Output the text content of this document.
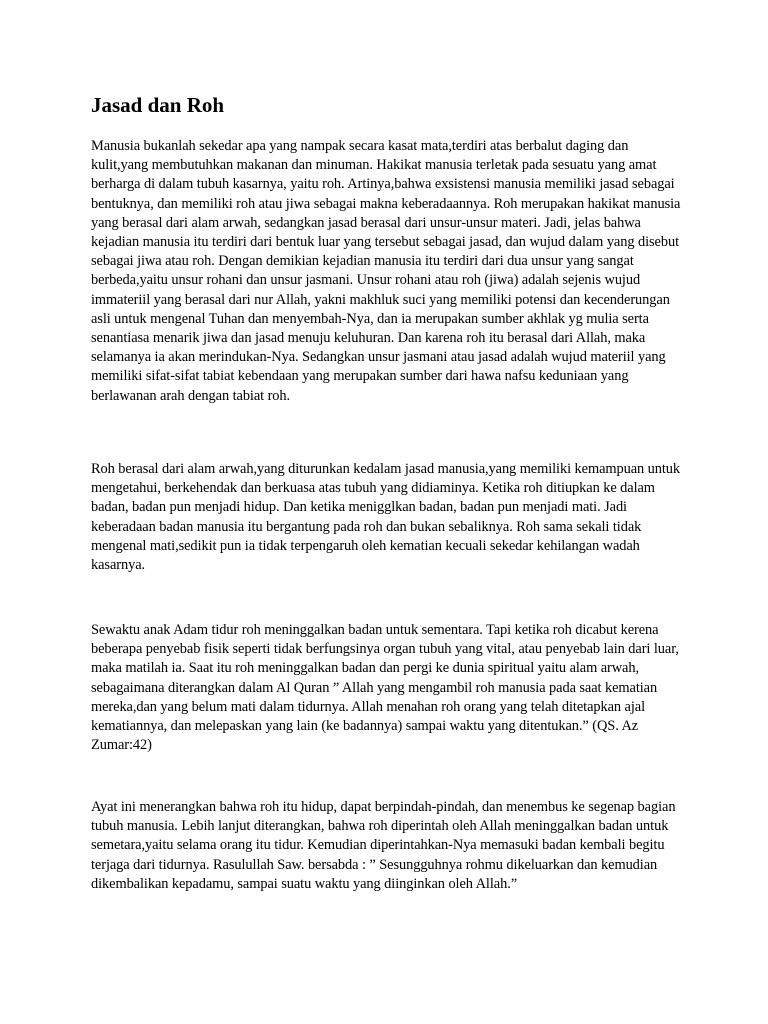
Jasad dan Roh

Manusia bukanlah sekedar apa yang nampak secara kasat mata,terdiri atas berbalut daging dan kulit,yang membutuhkan makanan dan minuman. Hakikat manusia terletak pada sesuatu yang amat berharga di dalam tubuh kasarnya, yaitu roh. Artinya,bahwa exsistensi manusia memiliki jasad sebagai bentuknya, dan memiliki roh atau jiwa sebagai makna keberadaannya. Roh merupakan hakikat manusia yang berasal dari alam arwah, sedangkan jasad berasal dari unsur-unsur materi. Jadi, jelas bahwa kejadian manusia itu terdiri dari bentuk luar yang tersebut sebagai jasad, dan wujud dalam yang disebut sebagai jiwa atau roh. Dengan demikian kejadian manusia itu terdiri dari dua unsur yang sangat berbeda,yaitu unsur rohani dan unsur jasmani. Unsur rohani atau roh (jiwa) adalah sejenis wujud immateriil yang berasal dari nur Allah, yakni makhluk suci yang memiliki potensi dan kecenderungan asli untuk mengenal Tuhan dan menyembah-Nya, dan ia merupakan sumber akhlak yg mulia serta senantiasa menarik jiwa dan jasad menuju keluhuran. Dan karena roh itu berasal dari Allah, maka selamanya ia akan merindukan-Nya. Sedangkan unsur jasmani atau jasad adalah wujud materiil yang memiliki sifat-sifat tabiat kebendaan yang merupakan sumber dari hawa nafsu keduniaan yang berlawanan arah dengan tabiat roh.

Roh berasal dari alam arwah,yang diturunkan kedalam jasad manusia,yang memiliki kemampuan untuk mengetahui, berkehendak dan berkuasa atas tubuh yang didiaminya. Ketika roh ditiupkan ke dalam badan, badan pun menjadi hidup. Dan ketika menigglkan badan, badan pun menjadi mati. Jadi keberadaan badan manusia itu bergantung pada roh dan bukan sebaliknya. Roh sama sekali tidak mengenal mati,sedikit pun ia tidak terpengaruh oleh kematian kecuali sekedar kehilangan wadah kasarnya.

Sewaktu anak Adam tidur roh meninggalkan badan untuk sementara. Tapi ketika roh dicabut kerena beberapa penyebab fisik seperti tidak berfungsinya organ tubuh yang vital, atau penyebab lain dari luar, maka matilah ia. Saat itu roh meninggalkan badan dan pergi ke dunia spiritual yaitu alam arwah, sebagaimana diterangkan dalam Al Quran ” Allah yang mengambil roh manusia pada saat kematian mereka,dan yang belum mati dalam tidurnya. Allah menahan roh orang yang telah ditetapkan ajal kematiannya, dan melepaskan yang lain (ke badannya) sampai waktu yang ditentukan.” (QS. Az Zumar:42)

Ayat ini menerangkan bahwa roh itu hidup, dapat berpindah-pindah, dan menembus ke segenap bagian tubuh manusia. Lebih lanjut diterangkan, bahwa roh diperintah oleh Allah meninggalkan badan untuk semetara,yaitu selama orang itu tidur. Kemudian diperintahkan-Nya memasuki badan kembali begitu terjaga dari tidurnya. Rasulullah Saw. bersabda : ” Sesungguhnya rohmu dikeluarkan dan kemudian dikembalikan kepadamu, sampai suatu waktu yang diinginkan oleh Allah.”
